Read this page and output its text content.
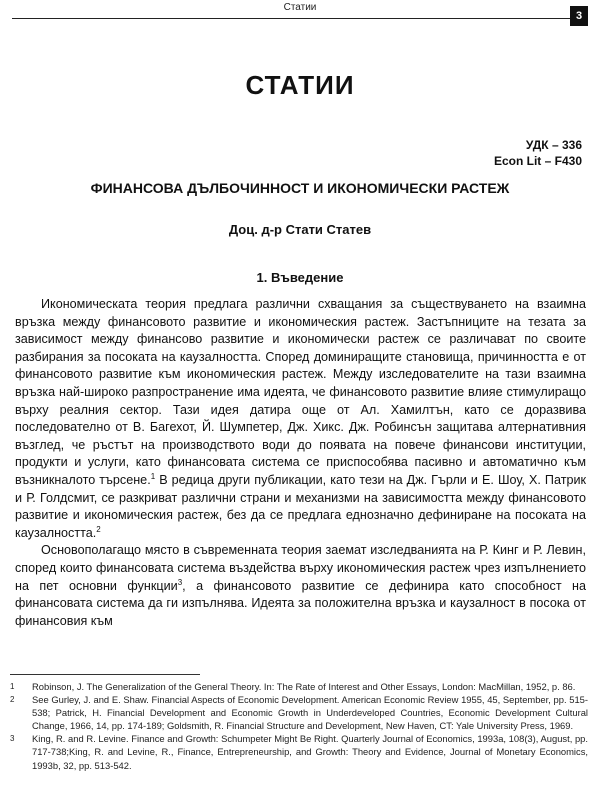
Статии
3
СТАТИИ
УДК – 336
Econ Lit – F430
ФИНАНСОВА ДЪЛБОЧИННОСТ И ИКОНОМИЧЕСКИ РАСТЕЖ
Доц. д-р Стати Статев
1. Въведение

Икономическата теория предлага различни схващания за съществуването на взаимна връзка между финансовото развитие и икономическия растеж. Застъпниците на тезата за зависимост между финансово развитие и икономически растеж се различават по своите разбирания за посоката на каузалността. Според доминиращите становища, причинността е от финансовото развитие към икономическия растеж. Между изследователите на тази взаимна връзка най-широко разпространение има идеята, че финансовото развитие влияе стимулиращо върху реалния сектор. Тази идея датира още от Ал. Хамилтън, като се доразвива последователно от В. Багехот, Й. Шумпетер, Дж. Хикс. Дж. Робинсън защитава алтернативния възглед, че ръстът на производството води до появата на повече финансови институции, продукти и услуги, като финансовата система се приспособява пасивно и автоматично към възникналото търсене.$^1$ В редица други публикации, като тези на Дж. Гърли и Е. Шоу, Х. Патрик и Р. Голдсмит, се разкриват различни страни и механизми на зависимостта между финансовото развитие и икономическия растеж, без да се предлага еднозначно дефиниране на посоката на каузалността.$^2$

Основополагащо място в съвременната теория заемат изследванията на Р. Кинг и Р. Левин, според които финансовата система въздейства върху икономическия растеж чрез изпълнението на пет основни функции$^3$, а финансовото развитие се дефинира като способност на финансовата система да ги изпълнява. Идеята за положителна връзка и каузалност в посока от финансовия към

1 Robinson, J. The Generalization of the General Theory. In: The Rate of Interest and Other Essays, London: MacMillan, 1952, p. 86.

2 See Gurley, J. and E. Shaw. Financial Aspects of Economic Development. American Economic Review 1955, 45, September, pp. 515-538; Patrick, H. Financial Development and Economic Growth in Underdeveloped Countries, Economic Development Cultural Change, 1966, 14, pp. 174-189; Goldsmith, R. Financial Structure and Development, New Haven, CT: Yale University Press, 1969.

3 King, R. and R. Levine. Finance and Growth: Schumpeter Might Be Right. Quarterly Journal of Economics, 1993a, 108(3), August, pp. 717-738;King, R. and Levine, R., Finance, Entrepreneurship, and Growth: Theory and Evidence, Journal of Monetary Economics, 1993b, 32, pp. 513-542.
